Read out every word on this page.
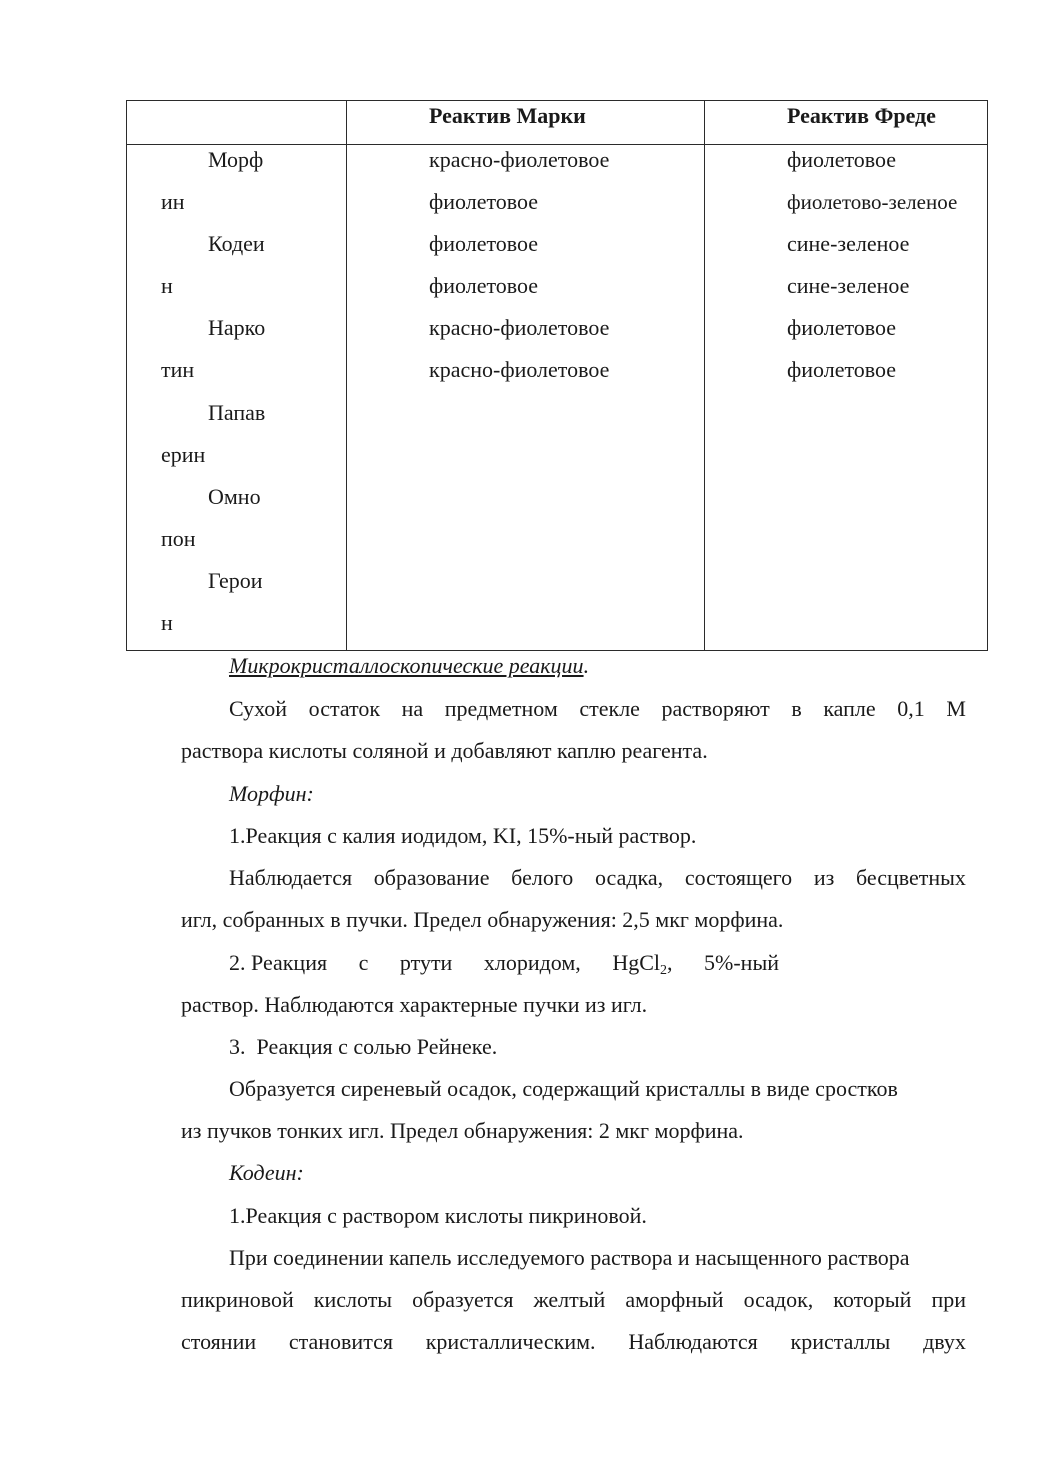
Реактив Марки	Реактив Фреде
Морф
ин
Кодеи
н
Нарко
тин
Папав
ерин
Омно
пон
Герои
н
красно-фиолетовое
фиолетовое
фиолетовое
фиолетовое
красно-фиолетовое
красно-фиолетовое
фиолетовое
фиолетово-зеленое
сине-зеленое
сине-зеленое
фиолетовое
фиолетовое
Микрокристаллоскопические реакции.
Сухой остаток на предметном стекле растворяют в капле 0,1 М
раствора кислоты соляной и добавляют каплю реагента.
Морфин:
1.Реакция с калия иодидом, KI, 15%-ный раствор.
Наблюдается образование белого осадка, состоящего из бесцветных
игл, собранных в пучки. Предел обнаружения: 2,5 мкг морфина.
2. Реакция с ртути хлоридом, HgCl$_2$, 5%-ный
раствор. Наблюдаются характерные пучки из игл.
3.  Реакция с солью Рейнеке.
Образуется сиреневый осадок, содержащий кристаллы в виде сростков
из пучков тонких игл. Предел обнаружения: 2 мкг морфина.
Кодеин:
1.Реакция с раствором кислоты пикриновой.
При соединении капель исследуемого раствора и насыщенного раствора
пикриновой кислоты образуется желтый аморфный осадок, который при
стоянии становится кристаллическим. Наблюдаются кристаллы двух
